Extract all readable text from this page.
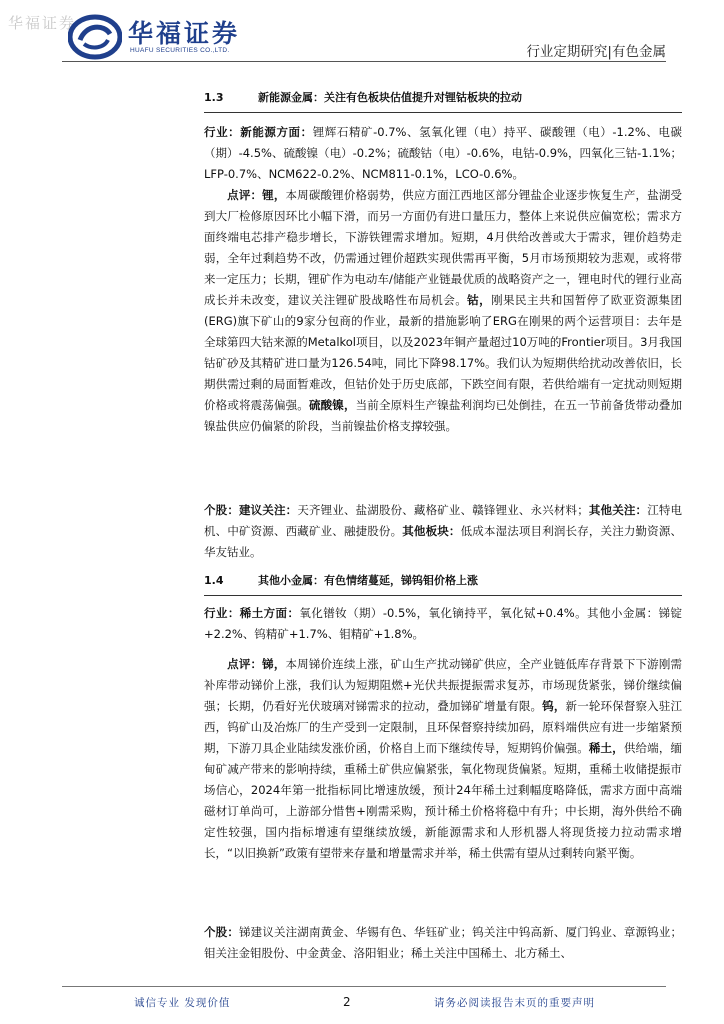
华福证券 华福证券
HUAFU SECURITIES CO.,LTD.	行业定期研究|有色金属
1.3	新能源金属：关注有色板块估值提升对锂钴板块的拉动
行业：新能源方面：锂辉石精矿-0.7%、氢氧化锂（电）持平、碳酸锂（电）-1.2%、电碳（期）-4.5%、硫酸镍（电）-0.2%；硫酸钴（电）-0.6%，电钴-0.9%，四氧化三钴-1.1%；LFP-0.7%、NCM622-0.2%、NCM811-0.1%，LCO-0.6%。
点评：锂，本周碳酸锂价格弱势，供应方面江西地区部分锂盐企业逐步恢复生产，盐湖受到大厂检修原因环比小幅下滑，而另一方面仍有进口量压力，整体上来说供应偏宽松；需求方面终端电芯排产稳步增长，下游铁锂需求增加。短期，4月供给改善或大于需求，锂价趋势走弱，全年过剩趋势不改，仍需通过锂价超跌实现供需再平衡，5月市场预期较为悲观，或将带来一定压力；长期，锂矿作为电动车/储能产业链最优质的战略资产之一，锂电时代的锂行业高成长并未改变，建议关注锂矿股战略性布局机会。钴，刚果民主共和国暂停了欧亚资源集团(ERG)旗下矿山的9家分包商的作业，最新的措施影响了ERG在刚果的两个运营项目：去年是全球第四大钴来源的Metalkol项目，以及2023年铜产量超过10万吨的Frontier项目。3月我国钴矿砂及其精矿进口量为126.54吨，同比下降98.17%。我们认为短期供给扰动改善依旧，长期供需过剩的局面暂难改，但钴价处于历史底部，下跌空间有限，若供给端有一定扰动则短期价格或将震荡偏强。硫酸镍，当前全原料生产镍盐利润均已处倒挂，在五一节前备货带动叠加镍盐供应仍偏紧的阶段，当前镍盐价格支撑较强。
个股：建议关注：天齐锂业、盐湖股份、藏格矿业、赣锋锂业、永兴材料；其他关注：江特电机、中矿资源、西藏矿业、融捷股份。其他板块：低成本湿法项目利润长存，关注力勤资源、华友钴业。
1.4	其他小金属：有色情绪蔓延，锑钨钼价格上涨
行业：稀土方面：氧化镨钕（期）-0.5%，氧化镝持平，氧化铽+0.4%。其他小金属：锑锭+2.2%、钨精矿+1.7%、钼精矿+1.8%。
点评：锑，本周锑价连续上涨，矿山生产扰动锑矿供应，全产业链低库存背景下下游刚需补库带动锑价上涨，我们认为短期阻燃+光伏共振提振需求复苏，市场现货紧张，锑价继续偏强；长期，仍看好光伏玻璃对锑需求的拉动，叠加锑矿增量有限。钨，新一轮环保督察入驻江西，钨矿山及冶炼厂的生产受到一定限制，且环保督察持续加码，原料端供应有进一步缩紧预期，下游刀具企业陆续发涨价函，价格自上而下继续传导，短期钨价偏强。稀土，供给端，缅甸矿减产带来的影响持续，重稀土矿供应偏紧张，氧化物现货偏紧。短期，重稀土收储提振市场信心，2024年第一批指标同比增速放缓，预计24年稀土过剩幅度略降低，需求方面中高端磁材订单尚可，上游部分惜售+刚需采购，预计稀土价格将稳中有升；中长期，海外供给不确定性较强，国内指标增速有望继续放缓，新能源需求和人形机器人将现货接力拉动需求增长，“以旧换新”政策有望带来存量和增量需求并举，稀土供需有望从过剩转向紧平衡。
个股：锑建议关注湖南黄金、华锡有色、华钰矿业；钨关注中钨高新、厦门钨业、章源钨业；钼关注金钼股份、中金黄金、洛阳钼业；稀土关注中国稀土、北方稀土、
诚信专业 发现价值	2	请务必阅读报告末页的重要声明
